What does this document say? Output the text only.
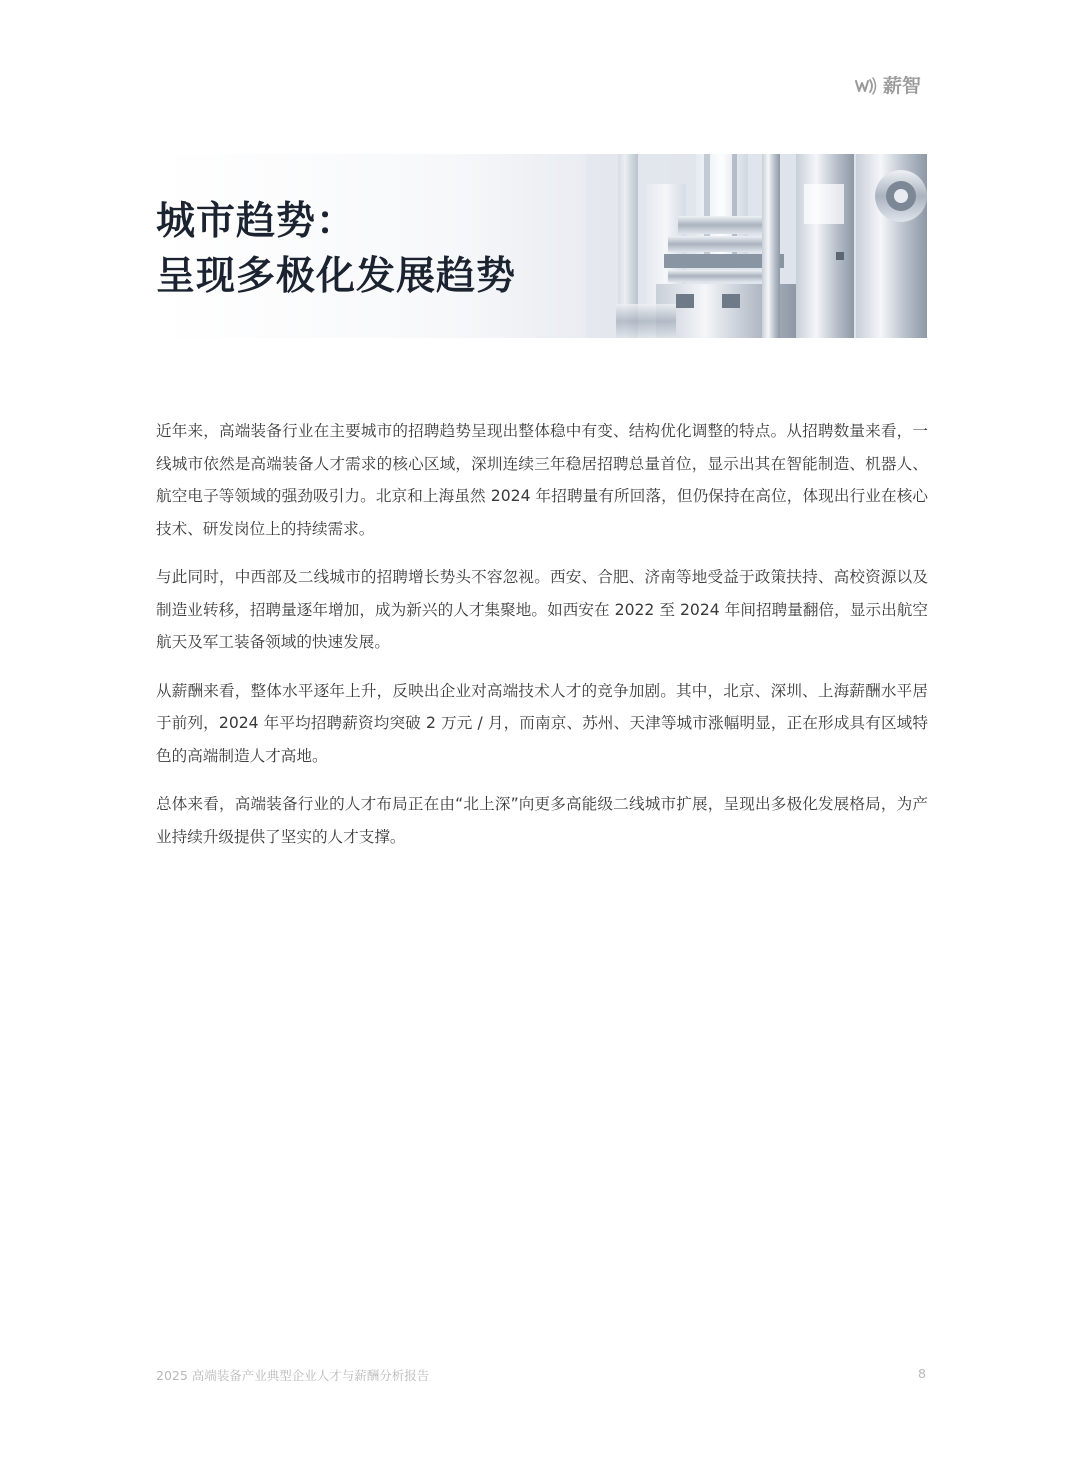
薪智
城市趋势：
呈现多极化发展趋势

近年来，高端装备行业在主要城市的招聘趋势呈现出整体稳中有变、结构优化调整的特点。从招聘数量来看，一线城市依然是高端装备人才需求的核心区域，深圳连续三年稳居招聘总量首位，显示出其在智能制造、机器人、航空电子等领域的强劲吸引力。北京和上海虽然 2024 年招聘量有所回落，但仍保持在高位，体现出行业在核心技术、研发岗位上的持续需求。

与此同时，中西部及二线城市的招聘增长势头不容忽视。西安、合肥、济南等地受益于政策扶持、高校资源以及制造业转移，招聘量逐年增加，成为新兴的人才集聚地。如西安在 2022 至 2024 年间招聘量翻倍，显示出航空航天及军工装备领域的快速发展。

从薪酬来看，整体水平逐年上升，反映出企业对高端技术人才的竞争加剧。其中，北京、深圳、上海薪酬水平居于前列，2024 年平均招聘薪资均突破 2 万元 / 月，而南京、苏州、天津等城市涨幅明显，正在形成具有区域特色的高端制造人才高地。

总体来看，高端装备行业的人才布局正在由“北上深”向更多高能级二线城市扩展，呈现出多极化发展格局，为产业持续升级提供了坚实的人才支撑。

2025 高端装备产业典型企业人才与薪酬分析报告	8
